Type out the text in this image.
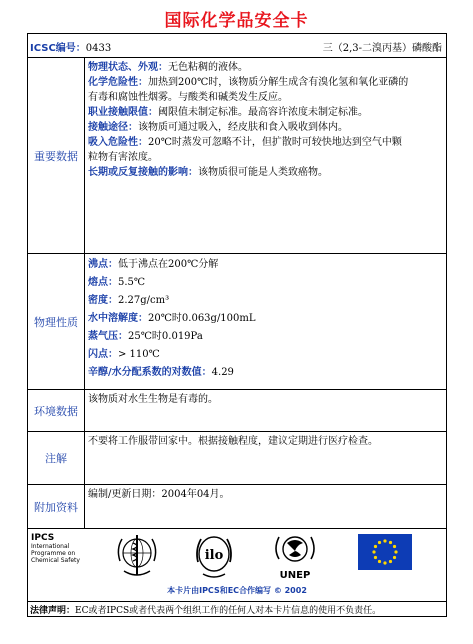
国际化学品安全卡
ICSC编号：0433	三（2,3-二溴丙基）磷酸酯
重要数据
物理状态、外观：无色粘稠的液体。
化学危险性：加热到200℃时，该物质分解生成含有溴化氢和氧化亚磷的
有毒和腐蚀性烟雾。与酸类和碱类发生反应。
职业接触限值：阈限值未制定标准。最高容许浓度未制定标准。
接触途径：该物质可通过吸入，经皮肤和食入吸收到体内。
吸入危险性：20℃时蒸发可忽略不计，但扩散时可较快地达到空气中颗
粒物有害浓度。
长期或反复接触的影响：该物质很可能是人类致癌物。
物理性质
沸点：低于沸点在200℃分解
熔点：5.5℃
密度：2.27g/cm³
水中溶解度：20℃时0.063g/100mL
蒸气压：25℃时0.019Pa
闪点：> 110℃
辛醇/水分配系数的对数值：4.29
环境数据
该物质对水生生物是有毒的。
注解
不要将工作服带回家中。根据接触程度，建议定期进行医疗检查。
附加资料
编制/更新日期：2004年04月。
IPCS
International
Programme on
Chemical Safety	ilo
UNEP
本卡片由IPCS和EC合作编写 © 2002
法律声明：EC或者IPCS或者代表两个组织工作的任何人对本卡片信息的使用不负责任。
